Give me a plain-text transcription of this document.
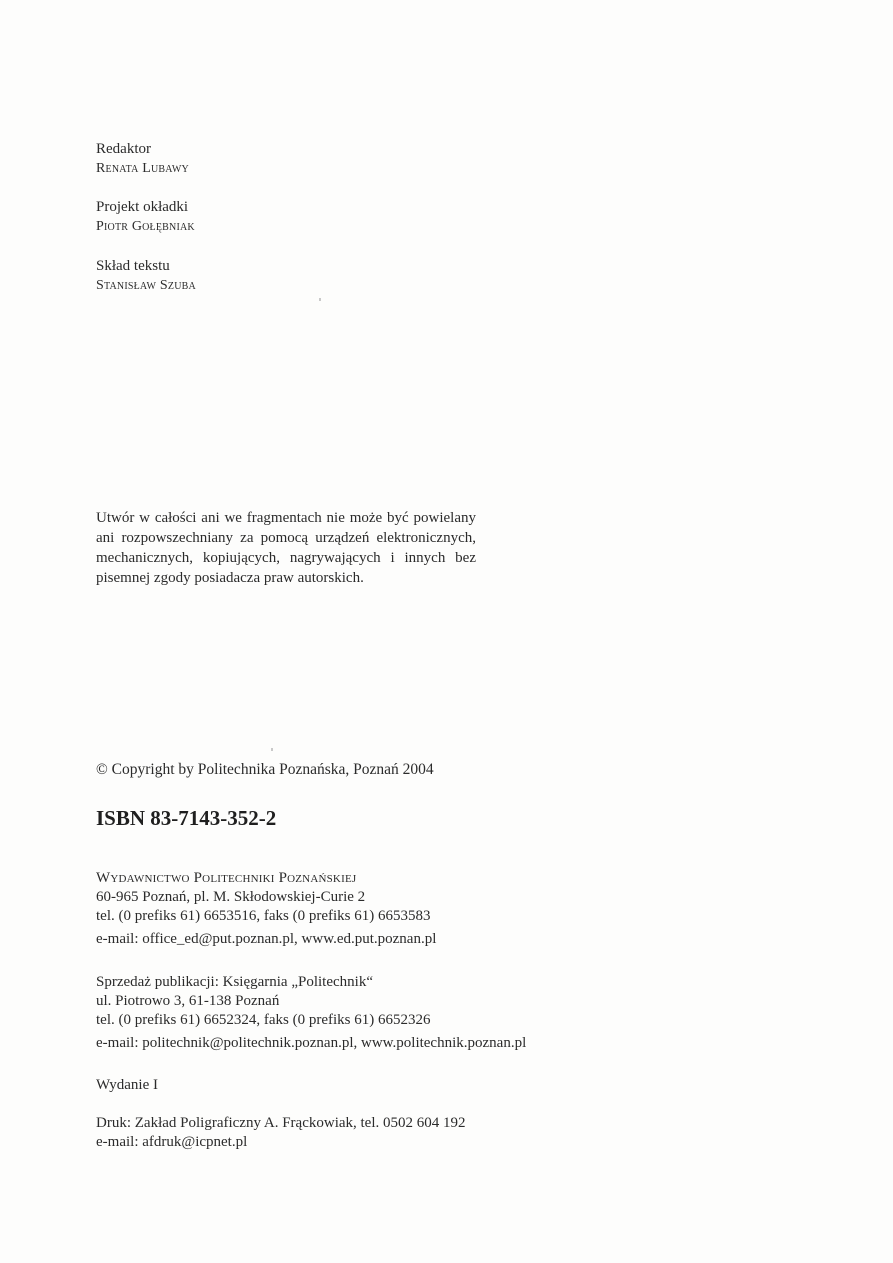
Redaktor
Renata Lubawy
Projekt okładki
Piotr Gołębniak
Skład tekstu
Stanisław Szuba

Utwór w całości ani we fragmentach nie może być powielany ani rozpowszechniany za pomocą urządzeń elektronicznych, mechanicznych, kopiujących, nagrywających i innych bez pisemnej zgody posiadacza praw autorskich.

© Copyright by Politechnika Poznańska, Poznań 2004
ISBN 83-7143-352-2
Wydawnictwo Politechniki Poznańskiej
60-965 Poznań, pl. M. Skłodowskiej-Curie 2
tel. (0 prefiks 61) 6653516, faks (0 prefiks 61) 6653583
e-mail: office_ed@put.poznan.pl, www.ed.put.poznan.pl
Sprzedaż publikacji: Księgarnia „Politechnik“
ul. Piotrowo 3, 61-138 Poznań
tel. (0 prefiks 61) 6652324, faks (0 prefiks 61) 6652326
e-mail: politechnik@politechnik.poznan.pl, www.politechnik.poznan.pl
Wydanie I
Druk: Zakład Poligraficzny A. Frąckowiak, tel. 0502 604 192
e-mail: afdruk@icpnet.pl
